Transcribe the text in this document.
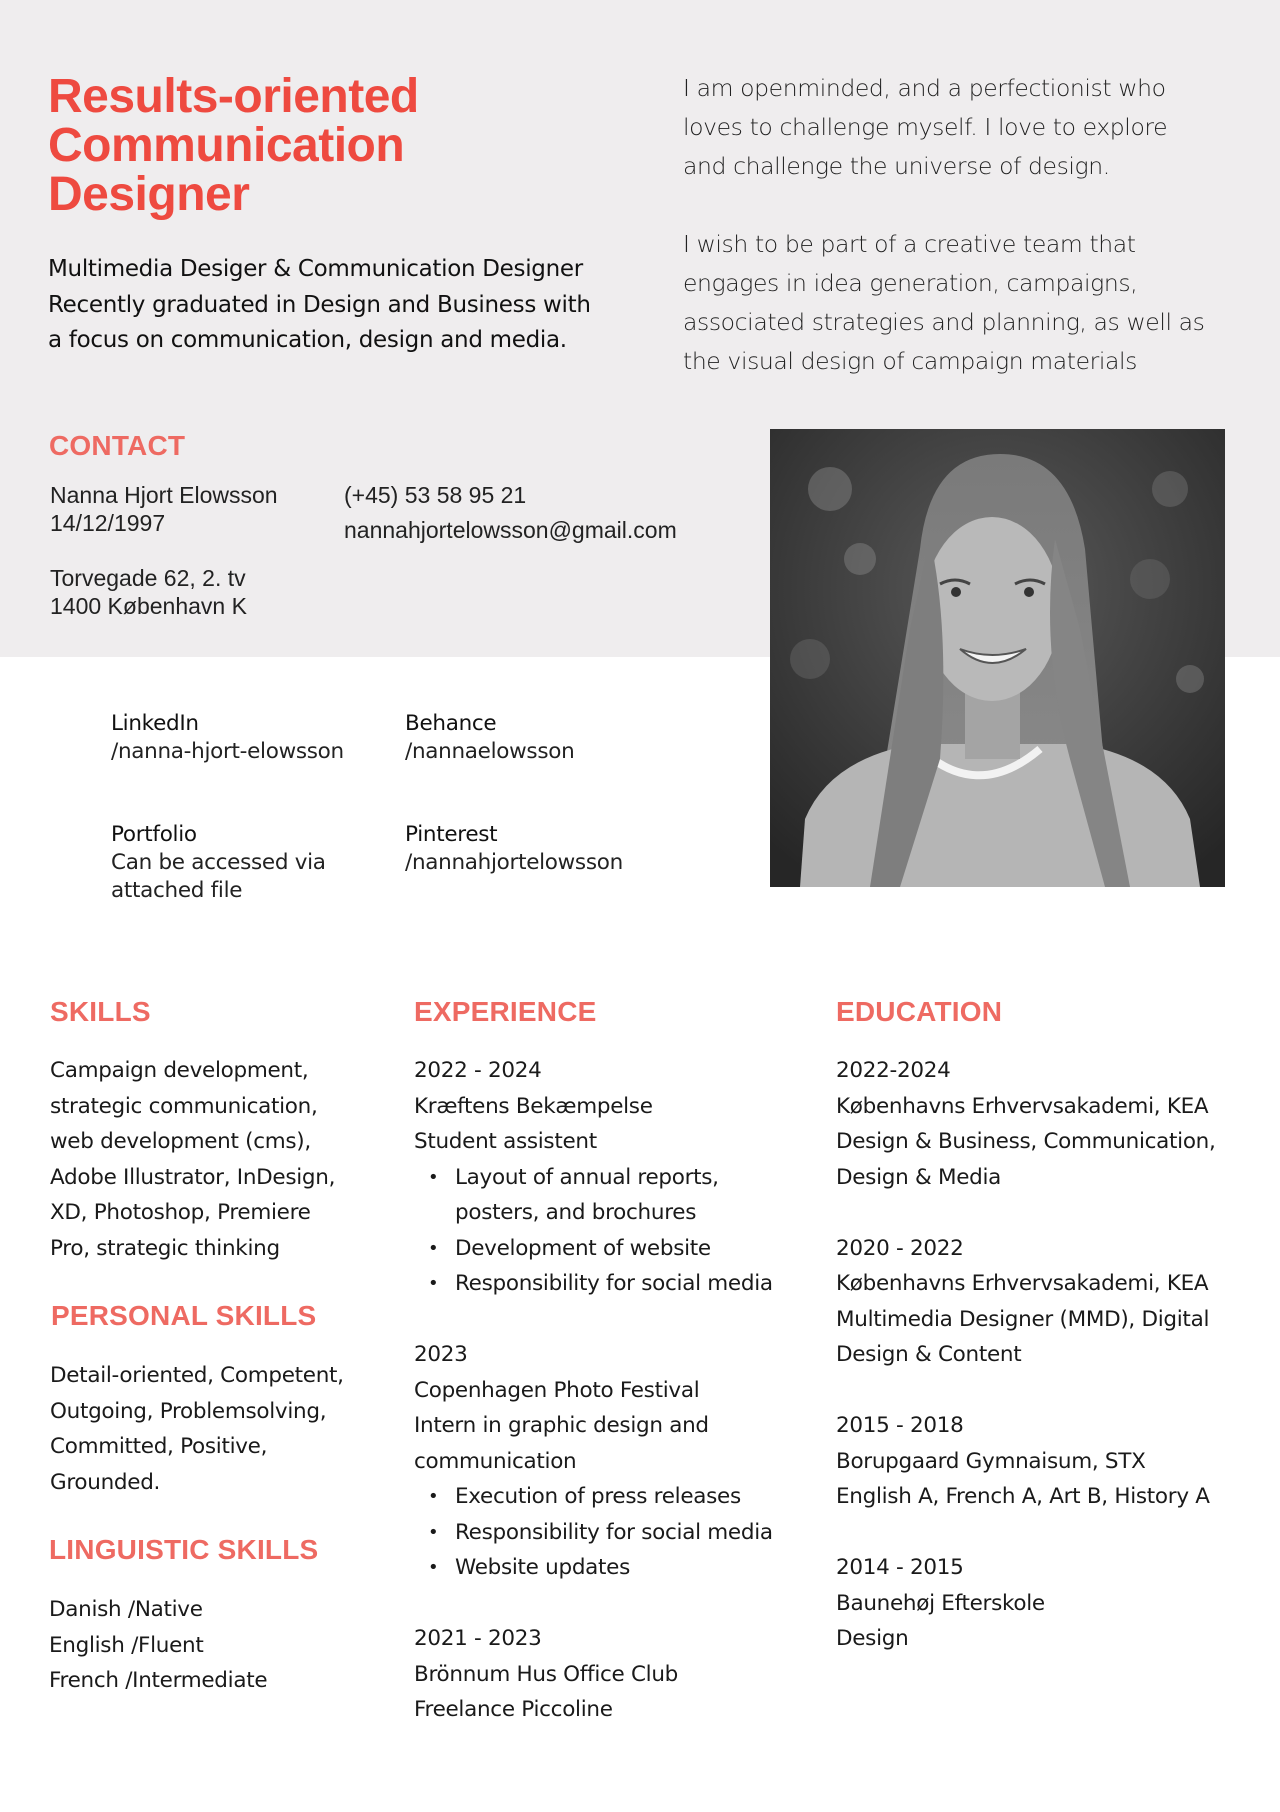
Results-oriented
Communication
Designer
Multimedia Desiger & Communication Designer
Recently graduated in Design and Business with
a focus on communication, design and media.

I am openminded, and a perfectionist who
loves to challenge myself. I love to explore
and challenge the universe of design.

I wish to be part of a creative team that
engages in idea generation, campaigns,
associated strategies and planning, as well as
the visual design of campaign materials

CONTACT
Nanna Hjort Elowsson
14/12/1997
Torvegade 62, 2. tv
1400 København K
(+45) 53 58 95 21
nannahjortelowsson@gmail.com
LinkedIn
/nanna-hjort-elowsson
Behance
/nannaelowsson
Portfolio
Can be accessed via
attached file
Pinterest
/nannahjortelowsson
SKILLS
Campaign development,
strategic communication,
web development (cms),
Adobe Illustrator, InDesign,
XD, Photoshop, Premiere
Pro, strategic thinking
PERSONAL SKILLS
Detail-oriented, Competent,
Outgoing, Problemsolving,
Committed, Positive,
Grounded.
LINGUISTIC SKILLS
Danish /Native
English /Fluent
French /Intermediate
EXPERIENCE
2022 - 2024
Kræftens Bekæmpelse
Student assistent
• Layout of annual reports,
posters, and brochures
• Development of website
• Responsibility for social media
2023
Copenhagen Photo Festival
Intern in graphic design and
communication
• Execution of press releases
• Responsibility for social media
• Website updates
2021 - 2023
Brönnum Hus Office Club
Freelance Piccoline
EDUCATION
2022-2024
Københavns Erhvervsakademi, KEA
Design & Business, Communication,
Design & Media
2020 - 2022
Københavns Erhvervsakademi, KEA
Multimedia Designer (MMD), Digital
Design & Content
2015 - 2018
Borupgaard Gymnaisum, STX
English A, French A, Art B, History A
2014 - 2015
Baunehøj Efterskole
Design
